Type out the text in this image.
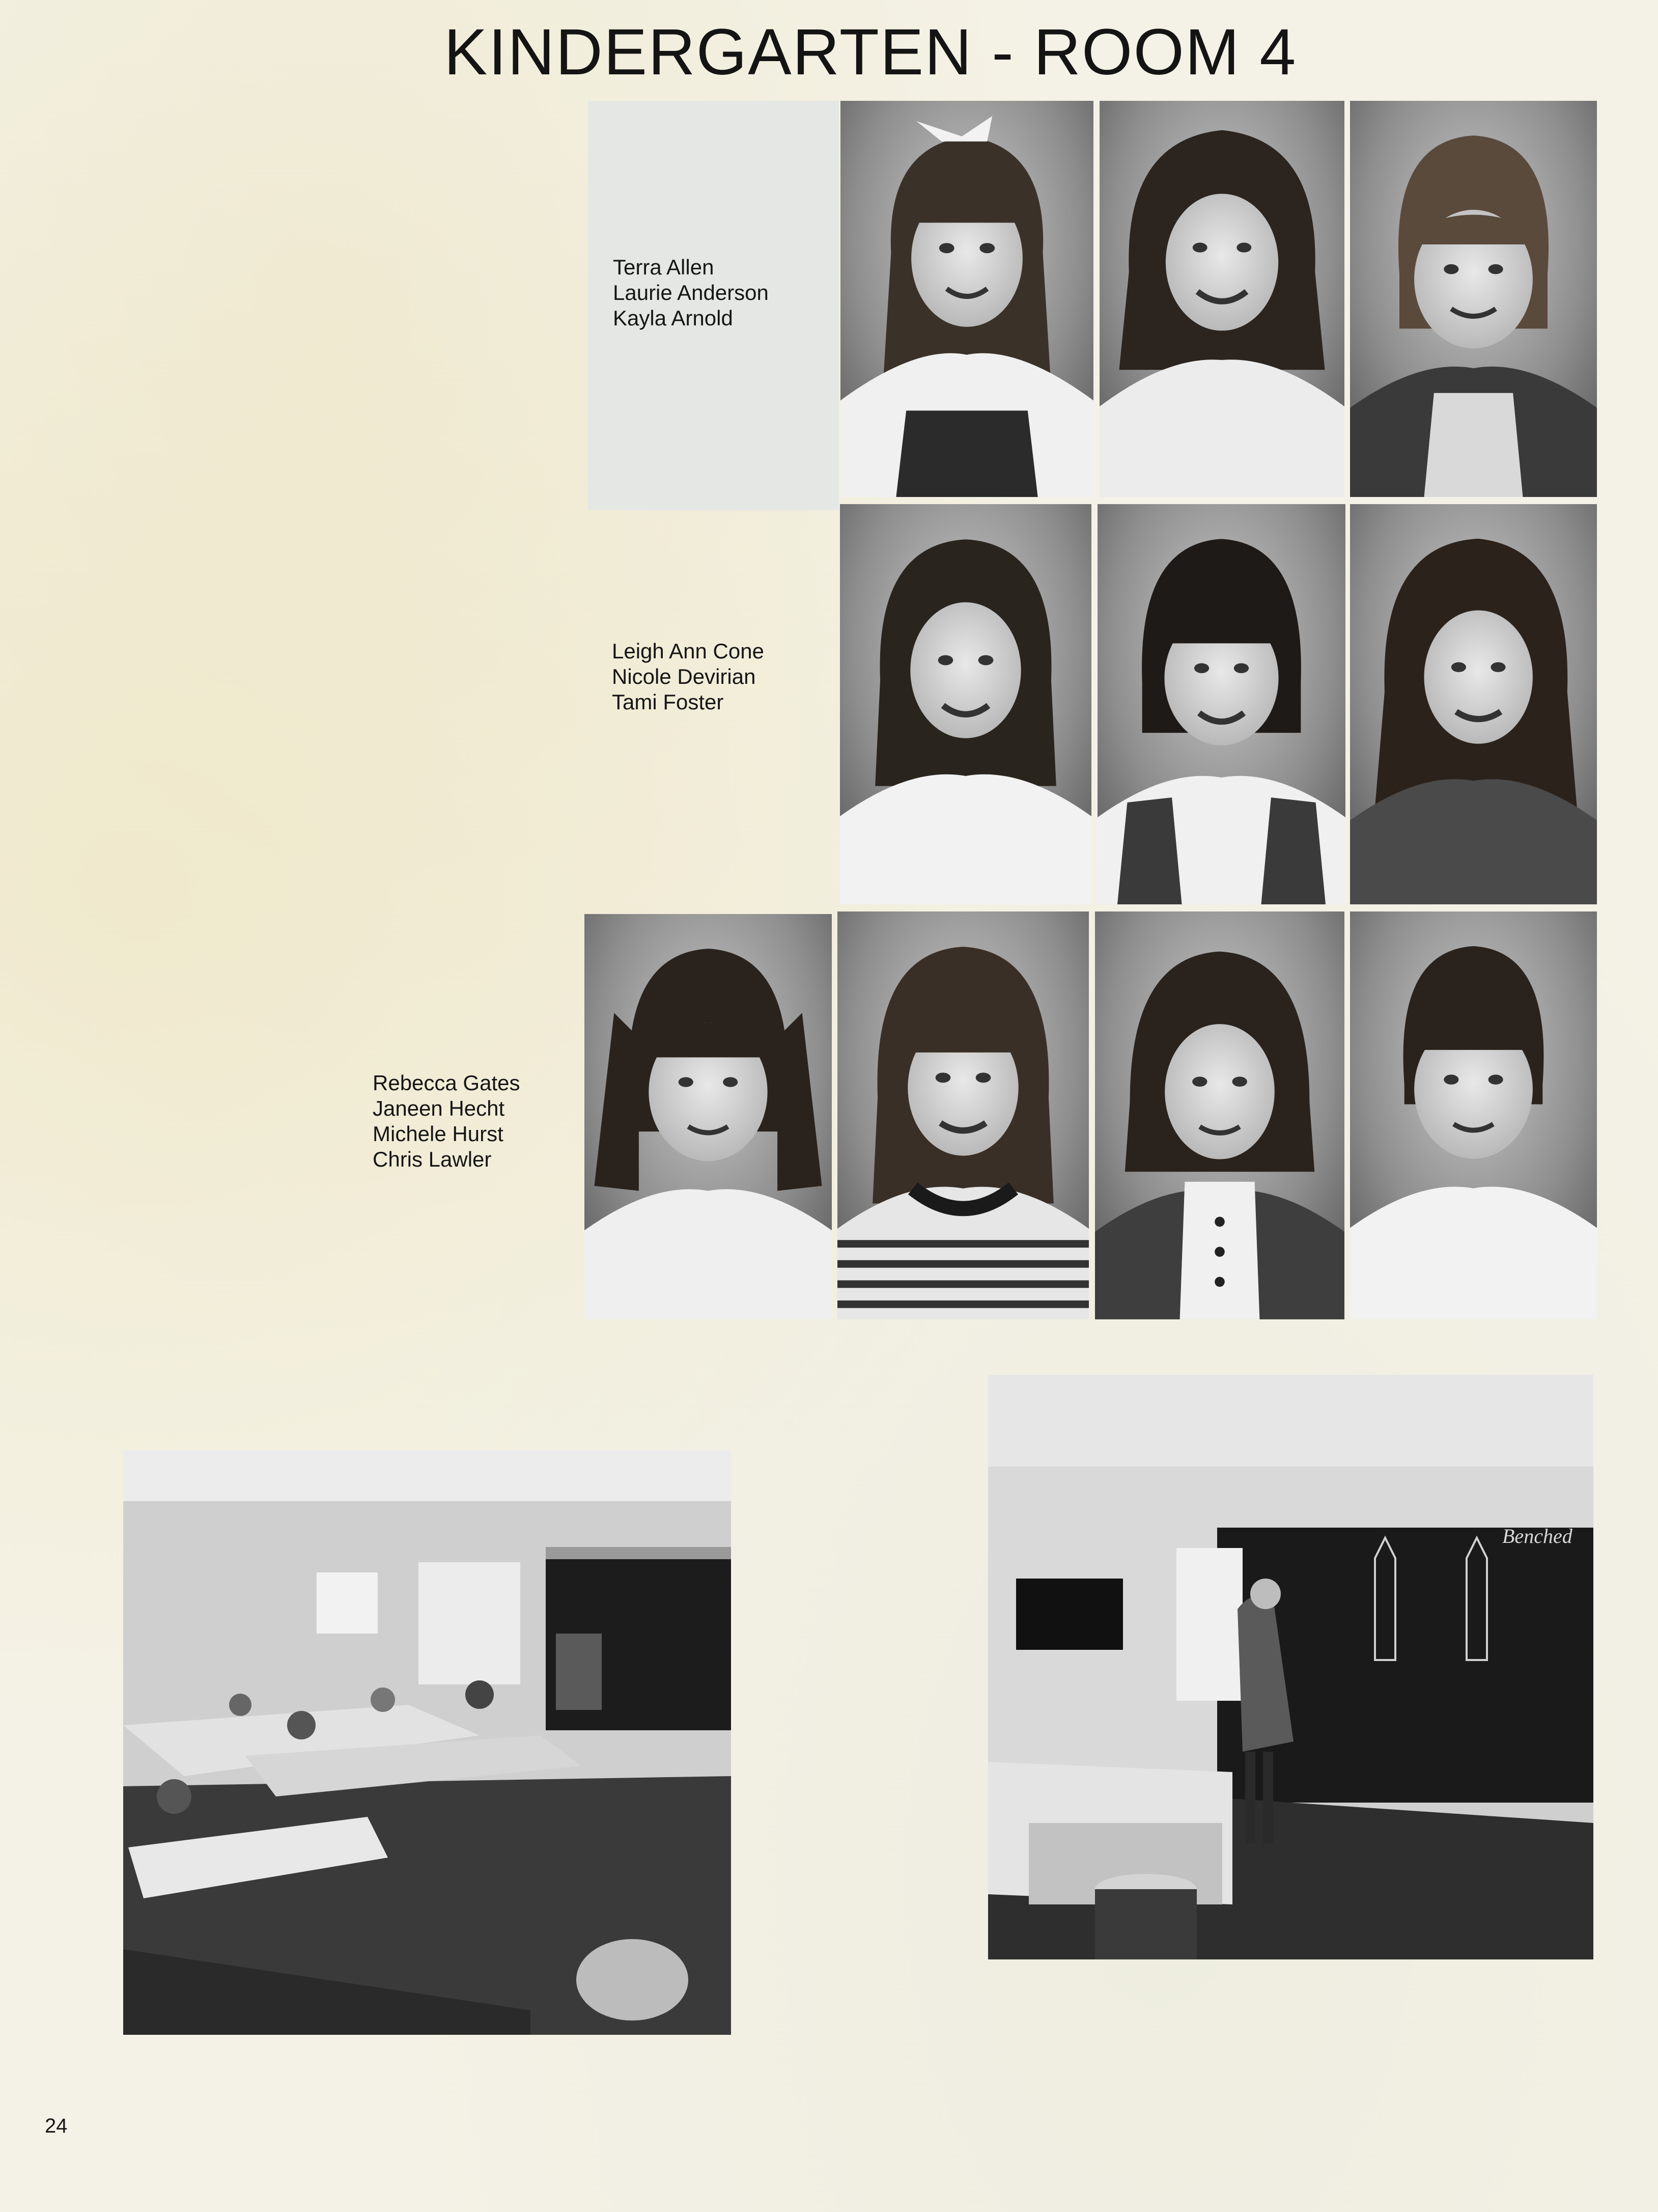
KINDERGARTEN - ROOM 4
Terra Allen
Laurie Anderson
Kayla Arnold
Leigh Ann Cone
Nicole Devirian
Tami Foster
Rebecca Gates
Janeen Hecht
Michele Hurst
Chris Lawler
Benched
24
